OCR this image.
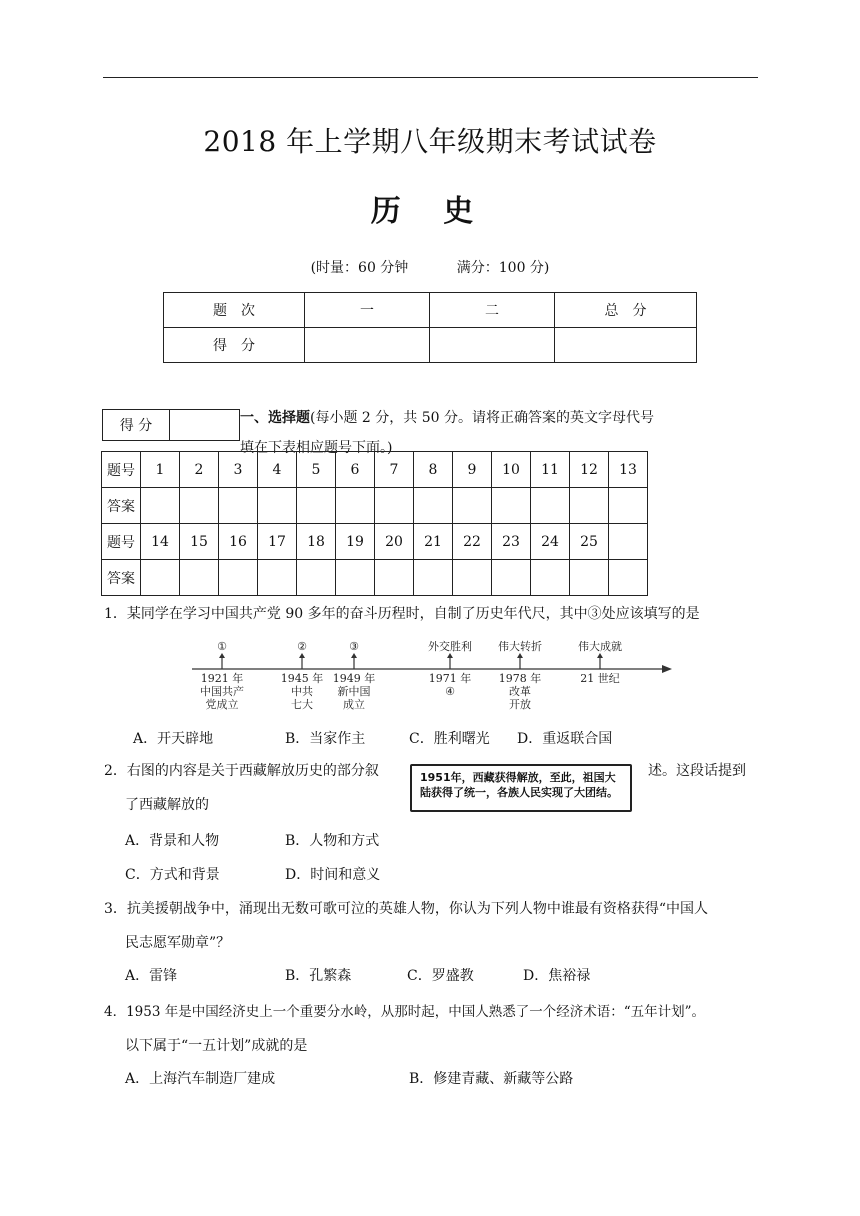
2018 年上学期八年级期末考试试卷
历 史
(时量：60 分钟	满分：100 分)
题　次	一	二	总　分
得　分			
得 分	一、选择题(每小题 2 分，共 50 分。请将正确答案的英文字母代号填在下表相应题号下面。)
题号	1	2	3	4	5	6	7	8	9	10	11	12	13
答案													
题号	14	15	16	17	18	19	20	21	22	23	24	25	
答案													
1．某同学在学习中国共产党 90 多年的奋斗历程时，自制了历史年代尺，其中③处应该填写的是
①	②	③	外交胜利	伟大转折	伟大成就
1921 年
中国共产
党成立
1945 年
中共
七大
1949 年
新中国
成立
1971 年
④
1978 年
改革
开放
21 世纪
A．开天辟地	B．当家作主	C．胜利曙光 D．重返联合国
2．右图的内容是关于西藏解放历史的部分叙	述。这段话提到
了西藏解放的
1951年，西藏获得解放，至此，祖国大陆获得了统一，各族人民实现了大团结。
A．背景和人物	B．人物和方式
C．方式和背景	D．时间和意义
3．抗美援朝战争中，涌现出无数可歌可泣的英雄人物，你认为下列人物中谁最有资格获得“中国人
民志愿军勋章”？
A．雷锋	B．孔繁森	C．罗盛教	D．焦裕禄
4．1953 年是中国经济史上一个重要分水岭，从那时起，中国人熟悉了一个经济术语：“五年计划”。
以下属于“一五计划”成就的是
A．上海汽车制造厂建成	B．修建青藏、新藏等公路
